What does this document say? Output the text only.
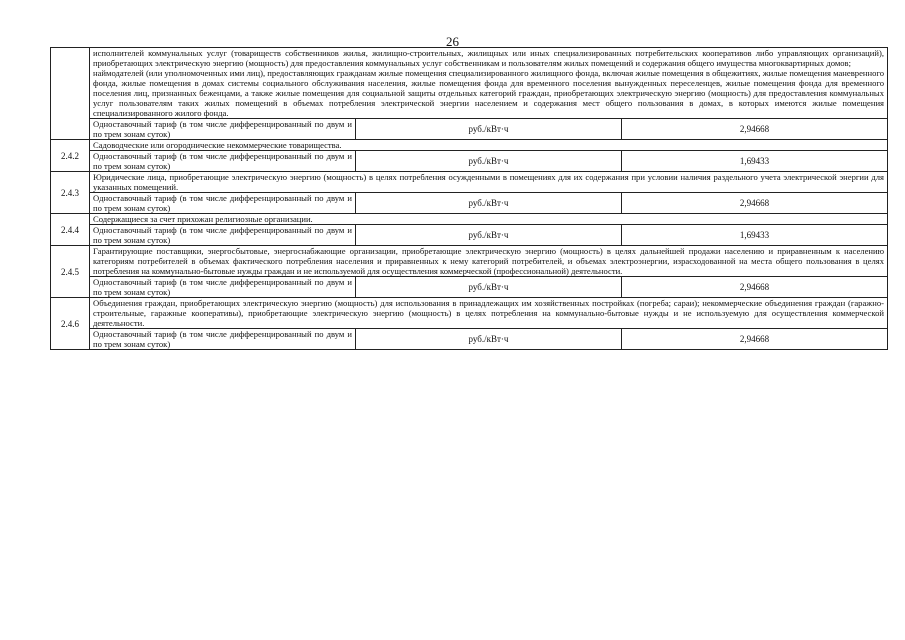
26

	исполнителей коммунальных услуг (товариществ собственников жилья, жилищно-строительных, жилищных или иных специализированных потребительских кооперативов либо управляющих организаций), приобретающих электрическую энергию (мощность) для предоставления коммунальных услуг собственникам и пользователям жилых помещений и содержания общего имущества многоквартирных домов;
наймодателей (или уполномоченных ими лиц), предоставляющих гражданам жилые помещения специализированного жилищного фонда, включая жилые помещения в общежитиях, жилые помещения маневренного фонда, жилые помещения в домах системы социального обслуживания населения, жилые помещения фонда для временного поселения вынужденных переселенцев, жилые помещения фонда для временного поселения лиц, признанных беженцами, а также жилые помещения для социальной защиты отдельных категорий граждан, приобретающих электрическую энергию (мощность) для предоставления коммунальных услуг пользователям таких жилых помещений в объемах потребления электрической энергии населением и содержания мест общего пользования в домах, в которых имеются жилые помещения специализированного жилого фонда.		

	Одноставочный тариф (в том числе дифференцированный по двум и по трем зонам суток)	руб./кВт·ч	2,94668
2.4.2	Садоводческие или огороднические некоммерческие товарищества.		

	Одноставочный тариф (в том числе дифференцированный по двум и по трем зонам суток)	руб./кВт·ч	1,69433
2.4.3	Юридические лица, приобретающие электрическую энергию (мощность) в целях потребления осужденными в помещениях для их содержания при условии наличия раздельного учета электрической энергии для указанных помещений.		

	Одноставочный тариф (в том числе дифференцированный по двум и по трем зонам суток)	руб./кВт·ч	2,94668
2.4.4	Содержащиеся за счет прихожан религиозные организации.		

	Одноставочный тариф (в том числе дифференцированный по двум и по трем зонам суток)	руб./кВт·ч	1,69433
2.4.5	Гарантирующие поставщики, энергосбытовые, энергоснабжающие организации, приобретающие электрическую энергию (мощность) в целях дальнейшей продажи населению и приравненным к населению категориям потребителей в объемах фактического потребления населения и приравненных к нему категорий потребителей, и объемах электроэнергии, израсходованной на места общего пользования в целях потребления на коммунально-бытовые нужды граждан и не используемой для осуществления коммерческой (профессиональной) деятельности.		

	Одноставочный тариф (в том числе дифференцированный по двум и по трем зонам суток)	руб./кВт·ч	2,94668
2.4.6	Объединения граждан, приобретающих электрическую энергию (мощность) для использования в принадлежащих им хозяйственных постройках (погреба; сараи); некоммерческие объединения граждан (гаражно-строительные, гаражные кооперативы), приобретающие электрическую энергию (мощность) в целях потребления на коммунально-бытовые нужды и не используемую для осуществления коммерческой деятельности.		

	Одноставочный тариф (в том числе дифференцированный по двум и по трем зонам суток)	руб./кВт·ч	2,94668
